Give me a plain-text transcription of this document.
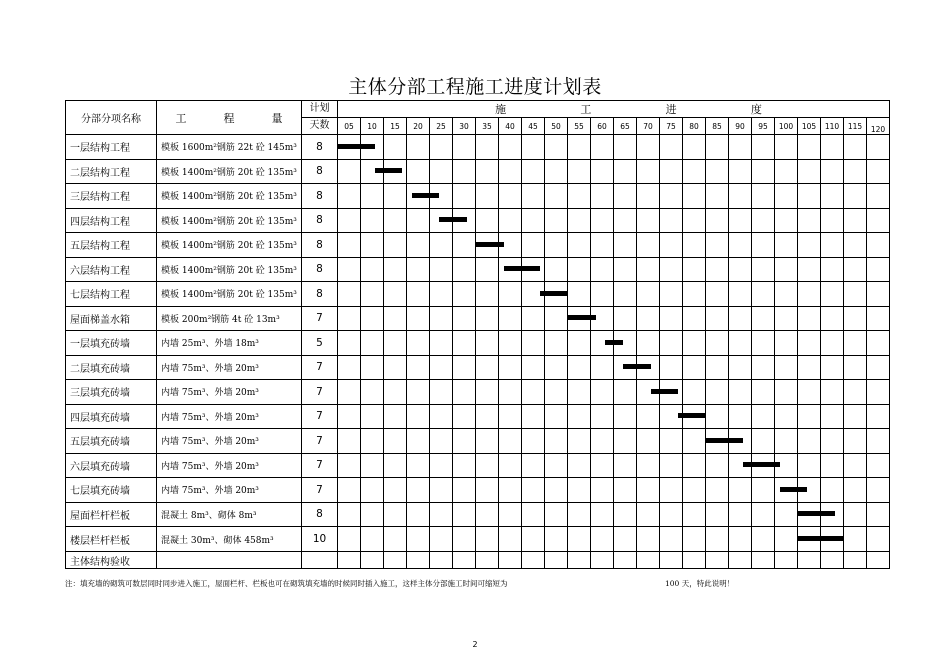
主体分部工程施工进度计划表
分部分项名称	工 程 量	计划	施 工 进 度																							

		天数	05	10	15	20	25	30	35	40	45	50	55	60	65	70	75	80	85	90	95	100	105	110	115	120
一层结构工程	模板 1600m²钢筋 22t 砼 145m³	8	

二层结构工程	模板 1400m²钢筋 20t 砼 135m³	8	

三层结构工程	模板 1400m²钢筋 20t 砼 135m³	8	

四层结构工程	模板 1400m²钢筋 20t 砼 135m³	8	

五层结构工程	模板 1400m²钢筋 20t 砼 135m³	8	

六层结构工程	模板 1400m²钢筋 20t 砼 135m³	8	

七层结构工程	模板 1400m²钢筋 20t 砼 135m³	8	

屋面梯盖水箱	模板 200m²钢筋 4t 砼 13m³	7	

一层填充砖墙	内墙 25m³、外墙 18m³	5	

二层填充砖墙	内墙 75m³、外墙 20m³	7	

三层填充砖墙	内墙 75m³、外墙 20m³	7	

四层填充砖墙	内墙 75m³、外墙 20m³	7	

五层填充砖墙	内墙 75m³、外墙 20m³	7	

六层填充砖墙	内墙 75m³、外墙 20m³	7	

七层填充砖墙	内墙 75m³、外墙 20m³	7	

屋面栏杆栏板	混凝土 8m³、砌体 8m³	8	

楼层栏杆栏板	混凝土 30m³、砌体 458m³	10	

主体结构验收																										
注：填充墙的砌筑可数层同时同步进入施工，屋面栏杆、栏板也可在砌筑填充墙的时候同时插入施工，这样主体分部施工时间可缩短为	100 天，特此说明！
2
